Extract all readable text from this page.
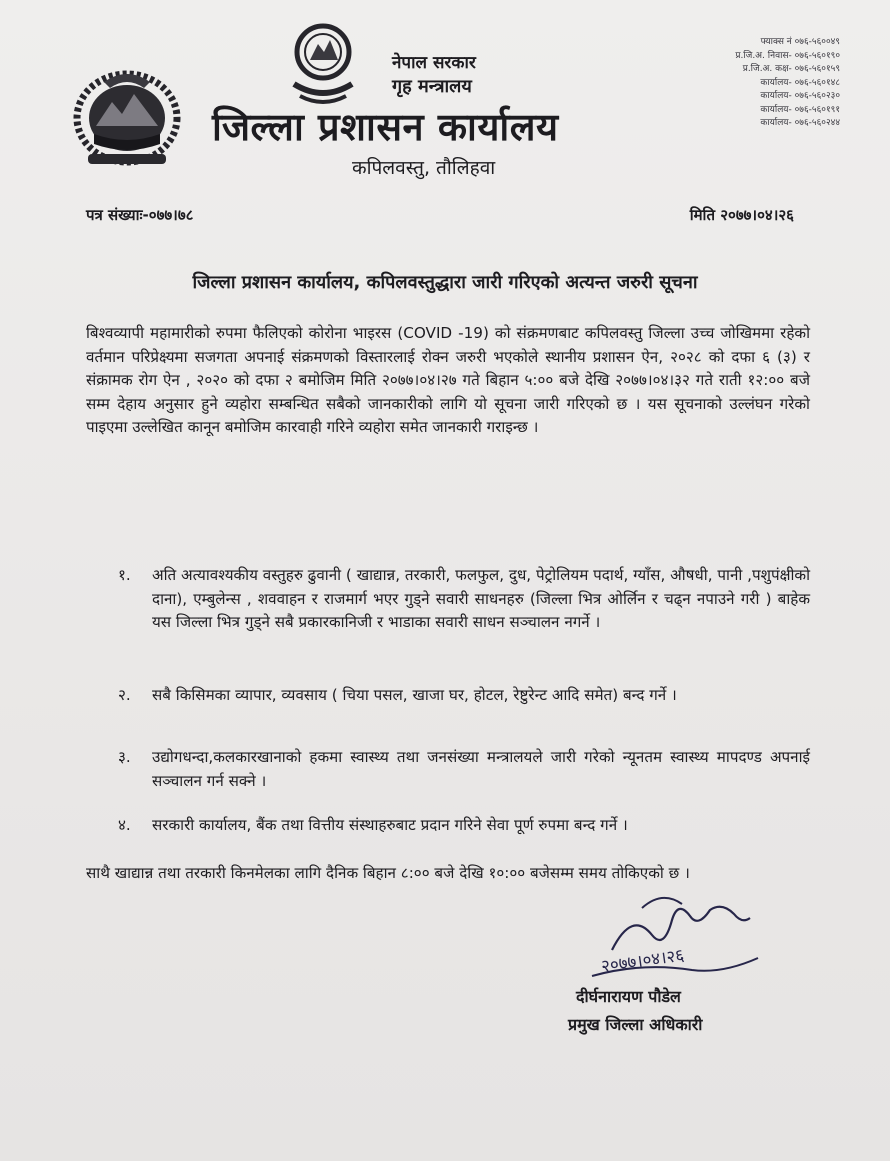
नेपाल सरकार
गृह मन्त्रालय
जिल्ला प्रशासन कार्यालय
कपिलवस्तु, तौलिहवा
फ्याक्स नं ०७६-५६००४९
प्र.जि.अ. निवास- ०७६-५६०१९०
प्र.जि.अ. कक्ष- ०७६-५६०१५९
कार्यालय- ०७६-५६०१४८
कार्यालय- ०७६-५६०२३०
कार्यालय- ०७६-५६०१९१
कार्यालय- ०७६-५६०२४४
पत्र संख्याः-०७७।७८	मिति २०७७।०४।२६
जिल्ला प्रशासन कार्यालय, कपिलवस्तुद्धारा जारी गरिएको अत्यन्त जरुरी सूचना

बिश्वव्यापी महामारीको रुपमा फैलिएको कोरोना भाइरस (COVID -19) को संक्रमणबाट कपिलवस्तु जिल्ला उच्च जोखिममा रहेको वर्तमान परिप्रेक्ष्यमा सजगता अपनाई संक्रमणको विस्तारलाई रोक्न जरुरी भएकोले स्थानीय प्रशासन ऐन, २०२८ को दफा ६ (३) र संक्रामक रोग ऐन , २०२० को दफा २ बमोजिम मिति २०७७।०४।२७ गते बिहान ५:०० बजे देखि २०७७।०४।३२ गते राती १२:०० बजे सम्म देहाय अनुसार हुने व्यहोरा सम्बन्धित सबैको जानकारीको लागि यो सूचना जारी गरिएको छ । यस सूचनाको उल्लंघन गरेको पाइएमा उल्लेखित कानून बमोजिम कारवाही गरिने व्यहोरा समेत जानकारी गराइन्छ ।

१. अति अत्यावश्यकीय वस्तुहरु ढुवानी ( खाद्यान्न, तरकारी, फलफुल, दुध, पेट्रोलियम पदार्थ, ग्याँस, औषधी, पानी ,पशुपंक्षीको दाना), एम्बुलेन्स , शववाहन र राजमार्ग भएर गुड्ने सवारी साधनहरु (जिल्ला भित्र ओर्लिन र चढ्न नपाउने गरी ) बाहेक यस जिल्ला भित्र गुड्ने सबै प्रकारकानिजी र भाडाका सवारी साधन सञ्चालन नगर्ने ।
२. सबै किसिमका व्यापार, व्यवसाय ( चिया पसल, खाजा घर, होटल, रेष्टुरेन्ट आदि समेत) बन्द गर्ने ।
३. उद्योगधन्दा,कलकारखानाको हकमा स्वास्थ्य तथा जनसंख्या मन्त्रालयले जारी गरेको न्यूनतम स्वास्थ्य मापदण्ड अपनाई सञ्चालन गर्न सक्ने ।
४. सरकारी कार्यालय, बैंक तथा वित्तीय संस्थाहरुबाट प्रदान गरिने सेवा पूर्ण रुपमा बन्द गर्ने ।

साथै खाद्यान्न तथा तरकारी किनमेलका लागि दैनिक बिहान ८:०० बजे देखि १०:०० बजेसम्म समय तोकिएको छ ।

२०७७।०४।२६
दीर्घनारायण पौडेल
प्रमुख जिल्ला अधिकारी
